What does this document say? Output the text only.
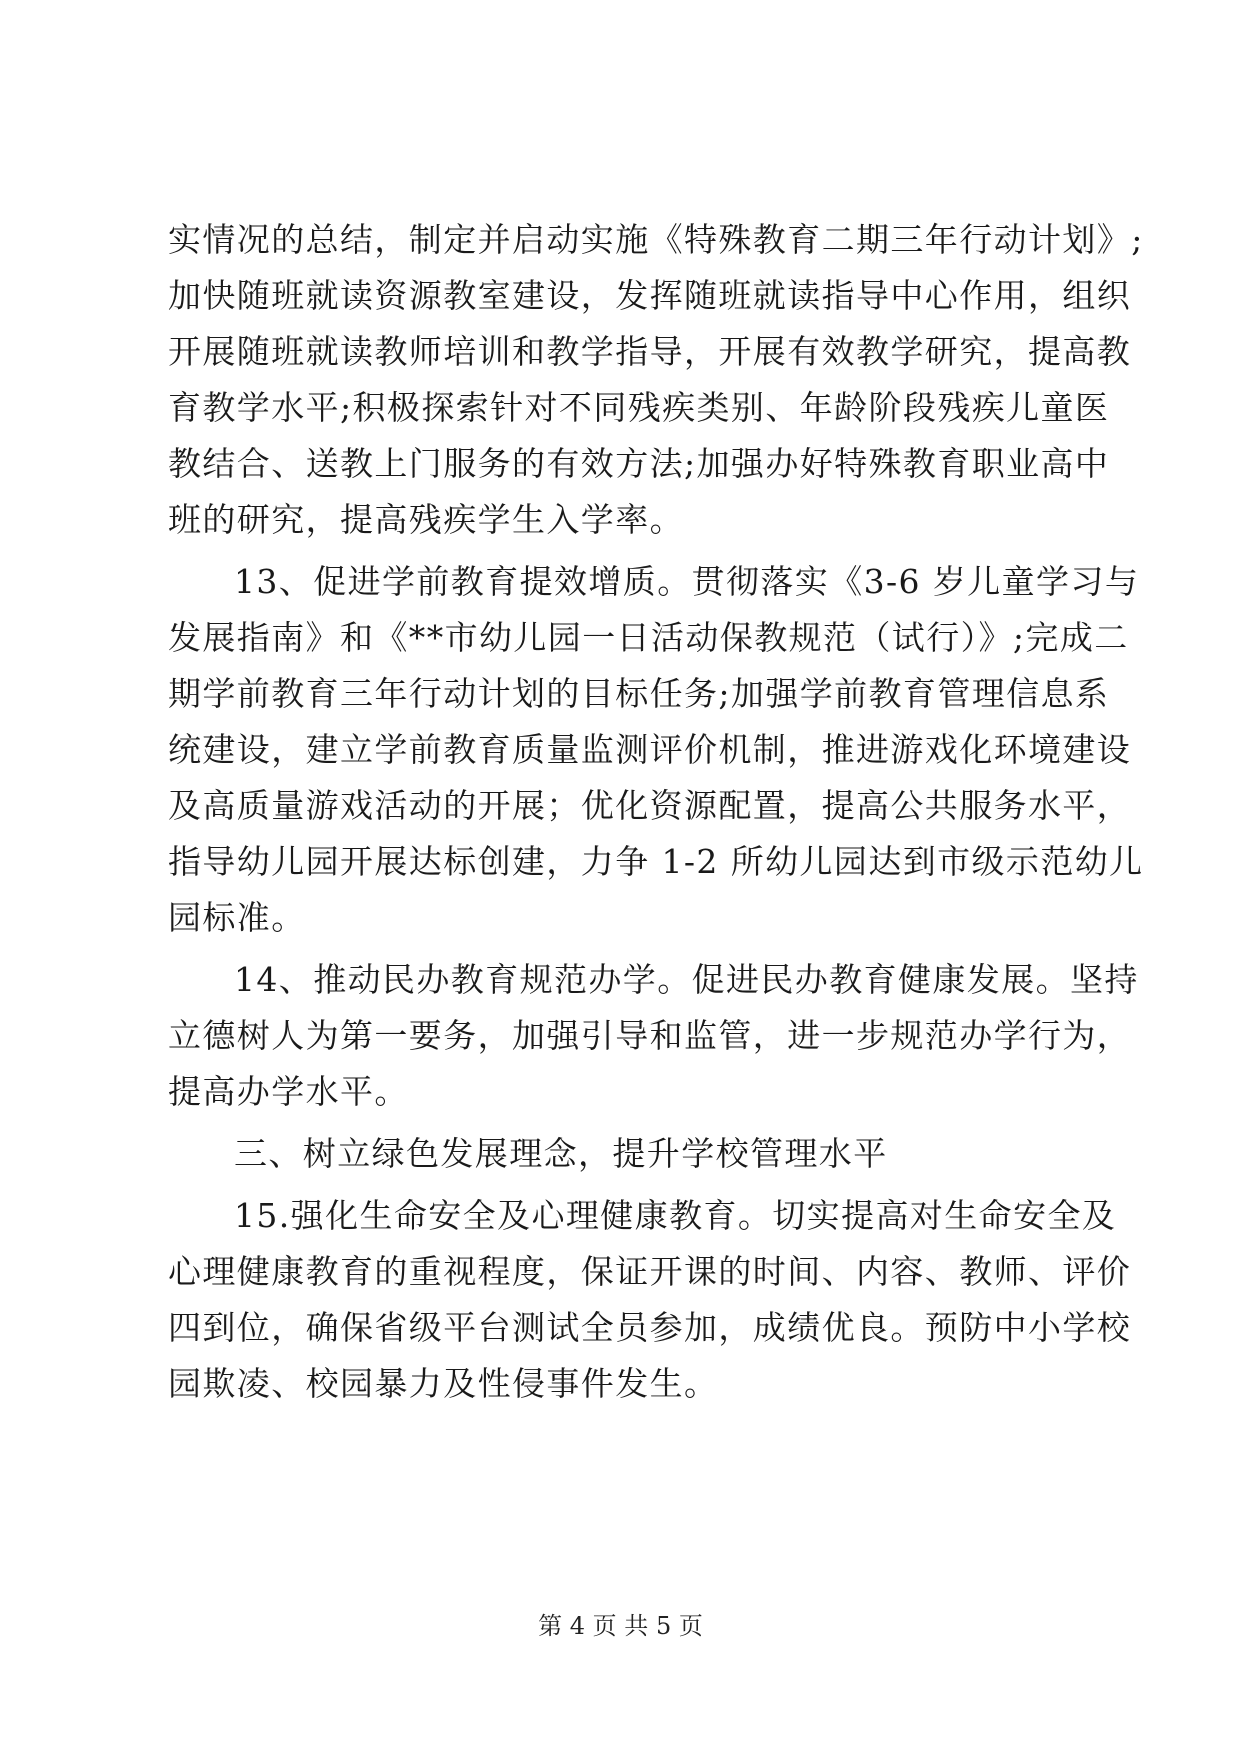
实情况的总结，制定并启动实施《特殊教育二期三年行动计划》;
加快随班就读资源教室建设，发挥随班就读指导中心作用，组织
开展随班就读教师培训和教学指导，开展有效教学研究，提高教
育教学水平;积极探索针对不同残疾类别、年龄阶段残疾儿童医
教结合、送教上门服务的有效方法;加强办好特殊教育职业高中
班的研究，提高残疾学生入学率。
13、促进学前教育提效增质。贯彻落实《3-6 岁儿童学习与
发展指南》和《**市幼儿园一日活动保教规范（试行）》;完成二
期学前教育三年行动计划的目标任务;加强学前教育管理信息系
统建设，建立学前教育质量监测评价机制，推进游戏化环境建设
及高质量游戏活动的开展；优化资源配置，提高公共服务水平，
指导幼儿园开展达标创建，力争 1-2 所幼儿园达到市级示范幼儿
园标准。
14、推动民办教育规范办学。促进民办教育健康发展。坚持
立德树人为第一要务，加强引导和监管，进一步规范办学行为，
提高办学水平。
三、树立绿色发展理念，提升学校管理水平
15.强化生命安全及心理健康教育。切实提高对生命安全及
心理健康教育的重视程度，保证开课的时间、内容、教师、评价
四到位，确保省级平台测试全员参加，成绩优良。预防中小学校
园欺凌、校园暴力及性侵事件发生。
第 4 页 共 5 页
